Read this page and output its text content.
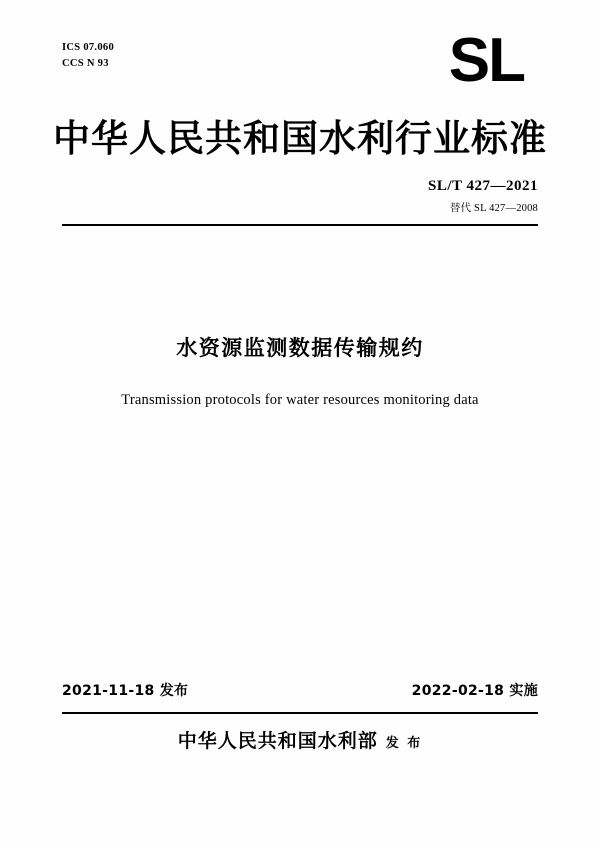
ICS 07.060
CCS N 93	SL
中华人民共和国水利行业标准
SL/T 427—2021
替代 SL 427—2008
水资源监测数据传输规约
Transmission protocols for water resources monitoring data
2021-11-18 发布	2022-02-18 实施
中华人民共和国水利部 发 布
